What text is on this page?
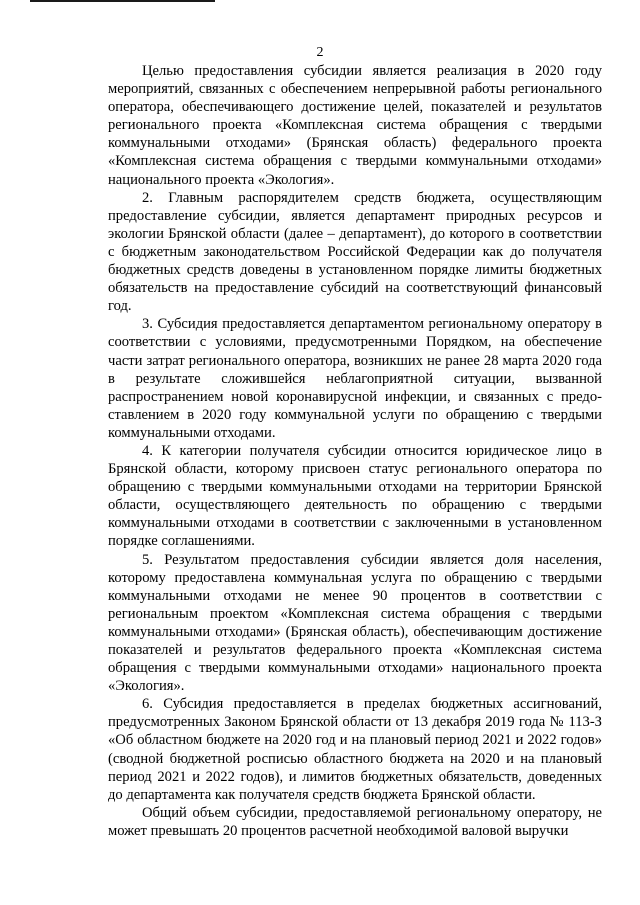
2

Целью предоставления субсидии является реализация в 2020 году мероприятий, связанных с обеспечением непрерывной работы регионального оператора, обеспечивающего достижение целей, показателей и результатов регионального проекта «Комплексная система обращения с твердыми коммунальными отходами» (Брянская область) федерального проекта «Комплексная система обращения с твердыми коммунальными отходами» национального проекта «Экология».

2. Главным распорядителем средств бюджета, осуществляющим предоставление субсидии, является департамент природных ресурсов и экологии Брянской области (далее – департамент), до которого в соответствии с бюджетным законодательством Российской Федерации как до получателя бюджетных средств доведены в установленном порядке лимиты бюджетных обязательств на предоставление субсидий на соответствующий финансовый год.

3. Субсидия предоставляется департаментом региональному оператору в соответствии с условиями, предусмотренными Порядком, на обеспечение части затрат регионального оператора, возникших не ранее 28 марта 2020 года в результате сложившейся неблагоприятной ситуации, вызванной распространением новой коронавирусной инфекции, и связанных с предоставлением в 2020 году коммунальной услуги по обращению с твердыми коммунальными отходами.

4. К категории получателя субсидии относится юридическое лицо в Брянской области, которому присвоен статус регионального оператора по обращению с твердыми коммунальными отходами на территории Брянской области, осуществляющего деятельность по обращению с твердыми коммунальными отходами в соответствии с заключенными в установленном порядке соглашениями.

5. Результатом предоставления субсидии является доля населения, которому предоставлена коммунальная услуга по обращению с твердыми коммунальными отходами не менее 90 процентов в соответствии с региональным проектом «Комплексная система обращения с твердыми коммунальными отходами» (Брянская область), обеспечивающим достижение показателей и результатов федерального проекта «Комплексная система обращения с твердыми коммунальными отходами» национального проекта «Экология».

6. Субсидия предоставляется в пределах бюджетных ассигнований, предусмотренных Законом Брянской области от 13 декабря 2019 года № 113-З «Об областном бюджете на 2020 год и на плановый период 2021 и 2022 годов» (сводной бюджетной росписью областного бюджета на 2020 и на плановый период 2021 и 2022 годов), и лимитов бюджетных обязательств, доведенных до департамента как получателя средств бюджета Брянской области.

Общий объем субсидии, предоставляемой региональному оператору, не может превышать 20 процентов расчетной необходимой валовой выручки
